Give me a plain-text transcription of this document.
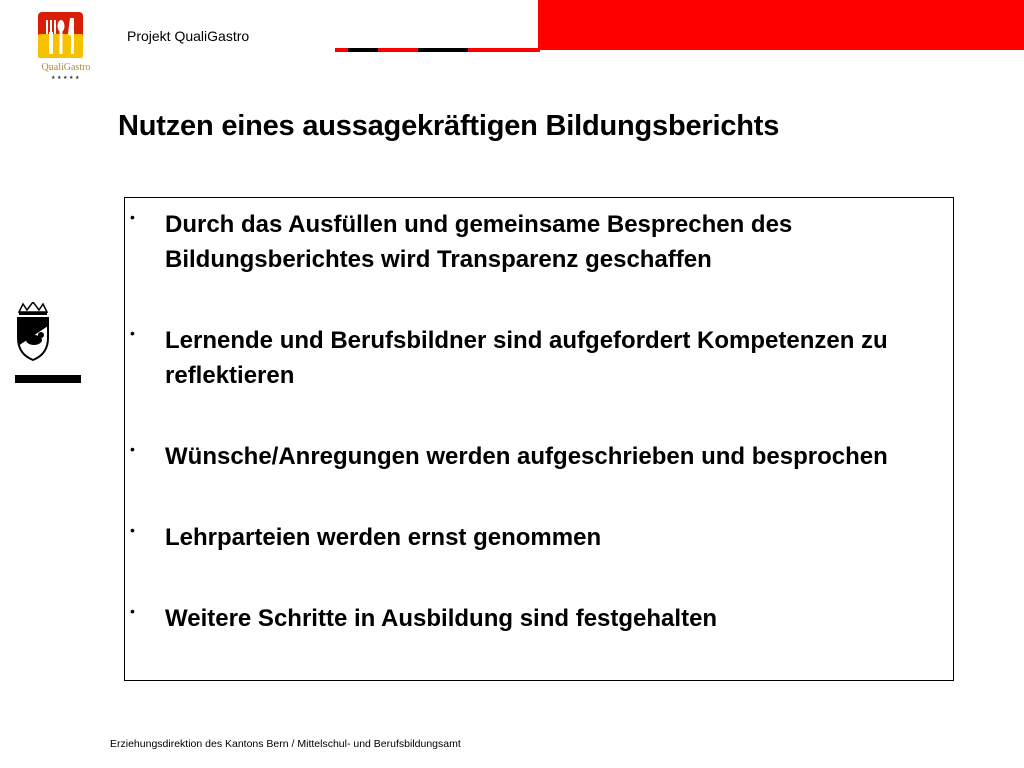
QualiGastro
★★★★★
Projekt QualiGastro
Nutzen eines aussagekräftigen Bildungsberichts
• Durch das Ausfüllen und gemeinsame Besprechen des Bildungsberichtes wird Transparenz geschaffen
• Lernende und Berufsbildner sind aufgefordert Kompetenzen zu reflektieren
• Wünsche/Anregungen werden aufgeschrieben und besprochen
• Lehrparteien werden ernst genommen
• Weitere Schritte in Ausbildung sind festgehalten
Erziehungsdirektion des Kantons Bern / Mittelschul- und Berufsbildungsamt
